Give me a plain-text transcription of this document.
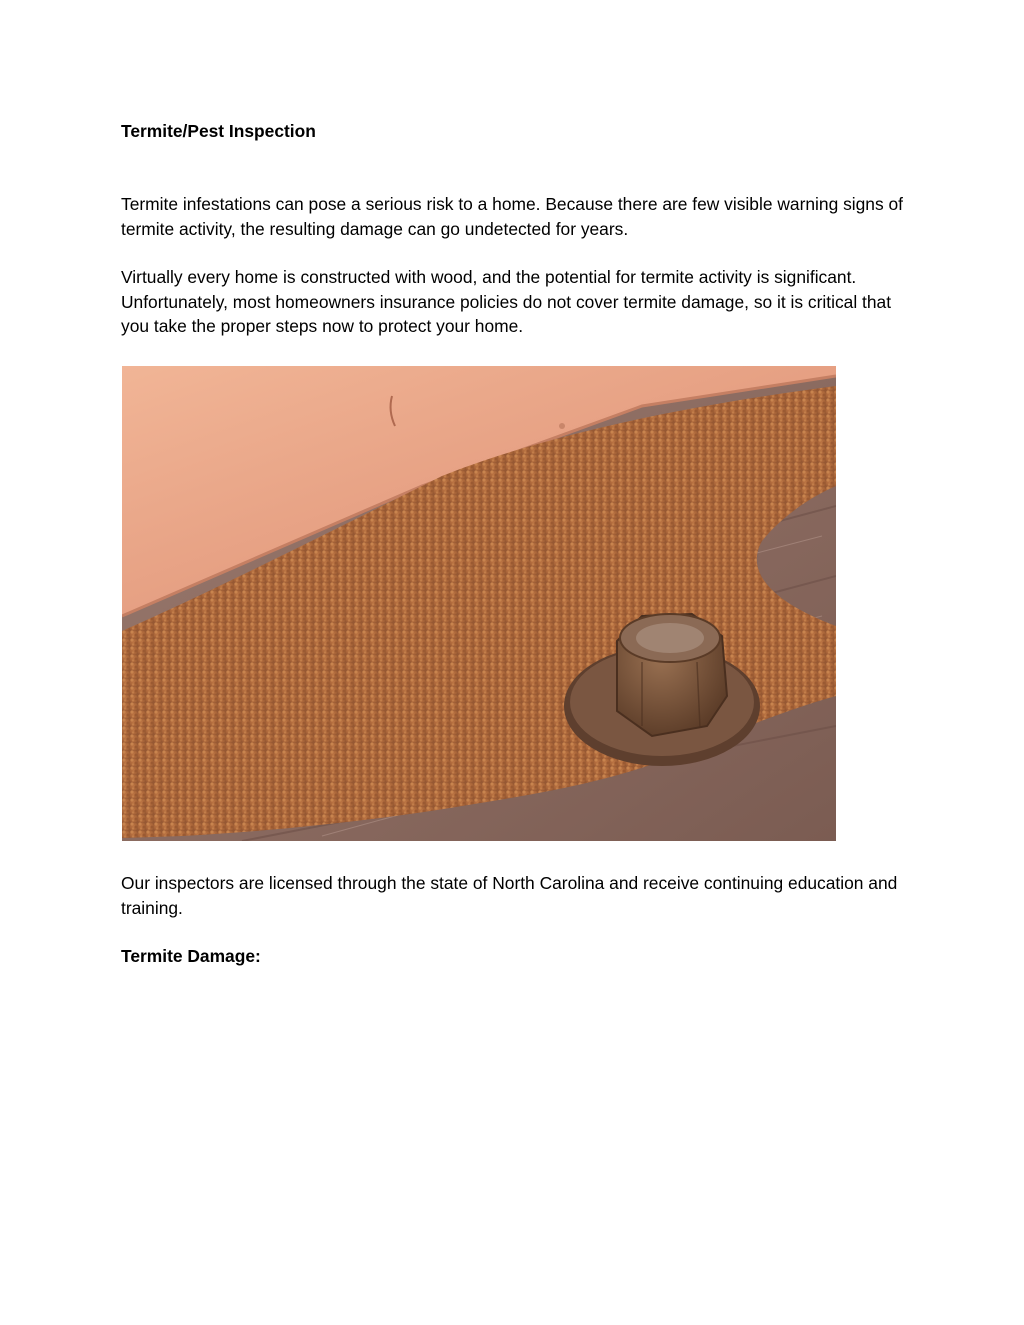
Termite/Pest Inspection

Termite infestations can pose a serious risk to a home. Because there are few visible warning signs of termite activity, the resulting damage can go undetected for years.

Virtually every home is constructed with wood, and the potential for termite activity is significant. Unfortunately, most homeowners insurance policies do not cover termite damage, so it is critical that you take the proper steps now to protect your home.

Our inspectors are licensed through the state of North Carolina and receive continuing education and training.

Termite Damage:
